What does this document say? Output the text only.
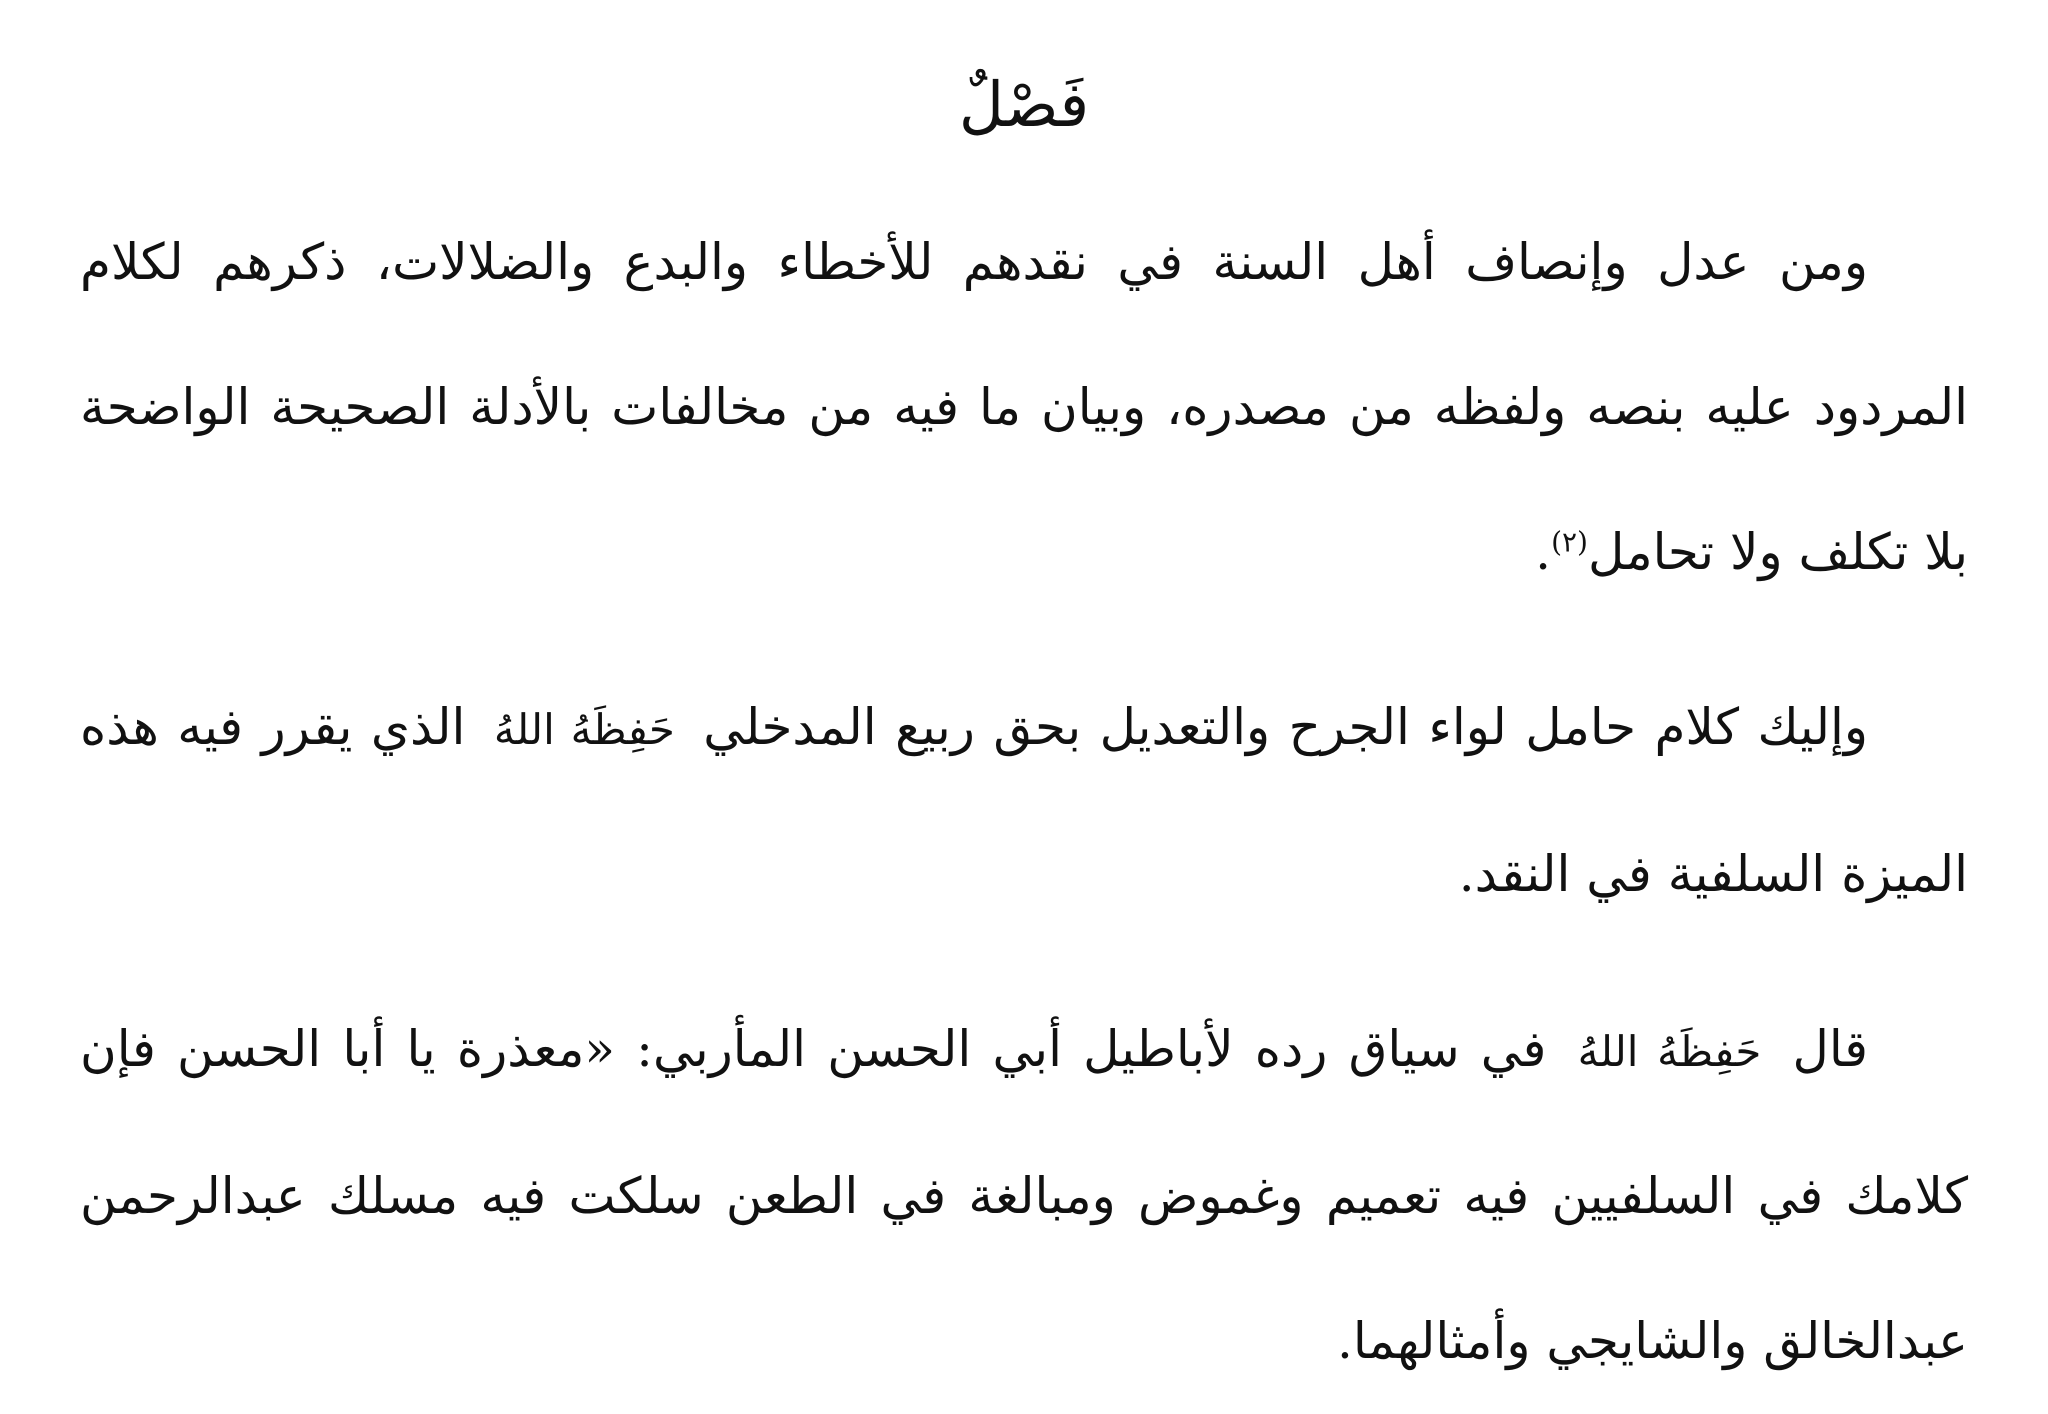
فَصْلٌ

ومن عدل وإنصاف أهل السنة في نقدهم للأخطاء والبدع والضلالات، ذكرهم لكلام المردود عليه بنصه ولفظه من مصدره، وبيان ما فيه من مخالفات بالأدلة الصحيحة الواضحة بلا تكلف ولا تحامل$^{(٢)}$.

وإليك كلام حامل لواء الجرح والتعديل بحق ربيع المدخلي حَفِظَهُ اللهُ الذي يقرر فيه هذه الميزة السلفية في النقد.

قال حَفِظَهُ اللهُ في سياق رده لأباطيل أبي الحسن المأربي: «معذرة يا أبا الحسن فإن كلامك في السلفيين فيه تعميم وغموض ومبالغة في الطعن سلكت فيه مسلك عبدالرحمن عبدالخالق والشايجي وأمثالهما.
